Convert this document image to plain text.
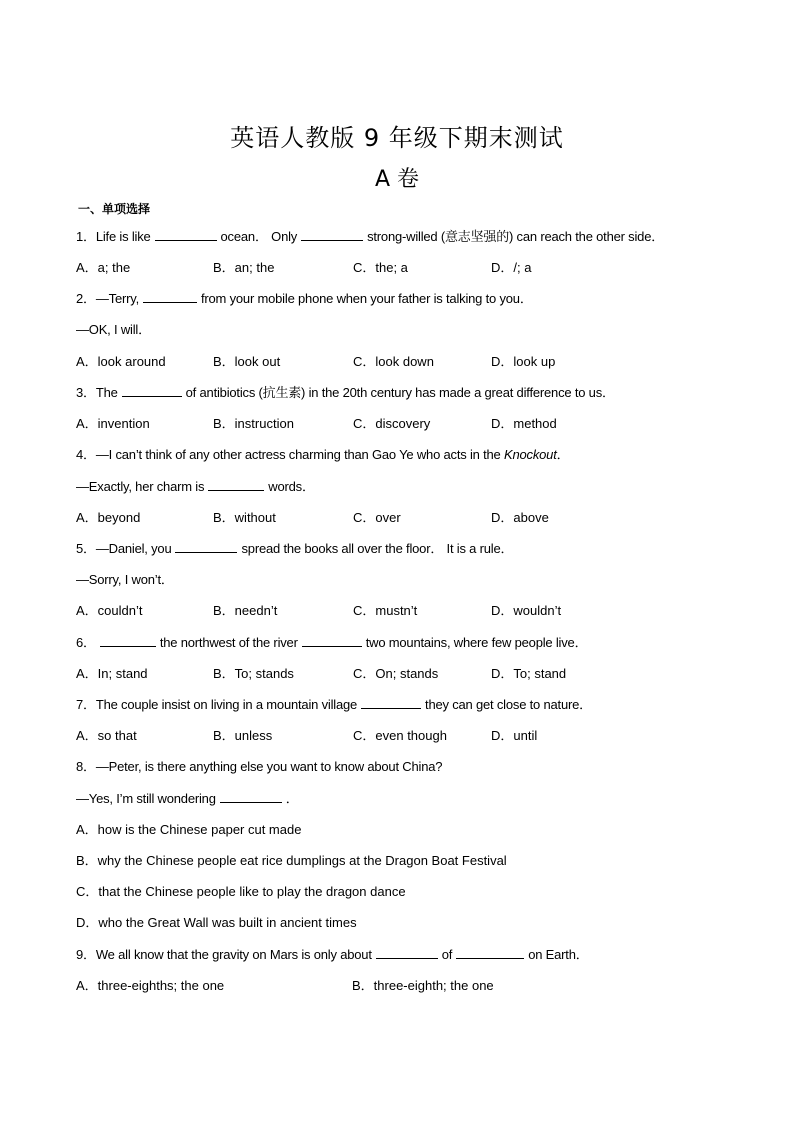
英语人教版 9 年级下期末测试
A 卷
一、单项选择
1．Life is like	ocean． Only	strong-willed (意志坚强的) can reach the other side．
A．a; the	B．an; the	C．the; a	D．/; a
2．—Terry,	from your mobile phone when your father is talking to you．
—OK, I will．
A．look around	B．look out	C．look down	D．look up
3．The	of antibiotics (抗生素) in the 20th century has made a great difference to us．
A．invention	B．instruction	C．discovery	D．method
4．—I can’t think of any other actress charming than Gao Ye who acts in the Knockout．
—Exactly, her charm is	words．
A．beyond	B．without	C．over	D．above
5．—Daniel, you	spread the books all over the floor． It is a rule．
—Sorry, I won’t．
A．couldn’t	B．needn’t	C．mustn’t	D．wouldn’t
6．	the northwest of the river	two mountains, where few people live．
A．In; stand	B．To; stands	C．On; stands	D．To; stand
7．The couple insist on living in a mountain village	they can get close to nature．
A．so that	B．unless	C．even though	D．until
8．—Peter, is there anything else you want to know about China?
—Yes, I’m still wondering	．
A．how is the Chinese paper cut made
B．why the Chinese people eat rice dumplings at the Dragon Boat Festival
C．that the Chinese people like to play the dragon dance
D．who the Great Wall was built in ancient times
9．We all know that the gravity on Mars is only about	of	on Earth．
A．three-eighths; the one	B．three-eighth; the one
